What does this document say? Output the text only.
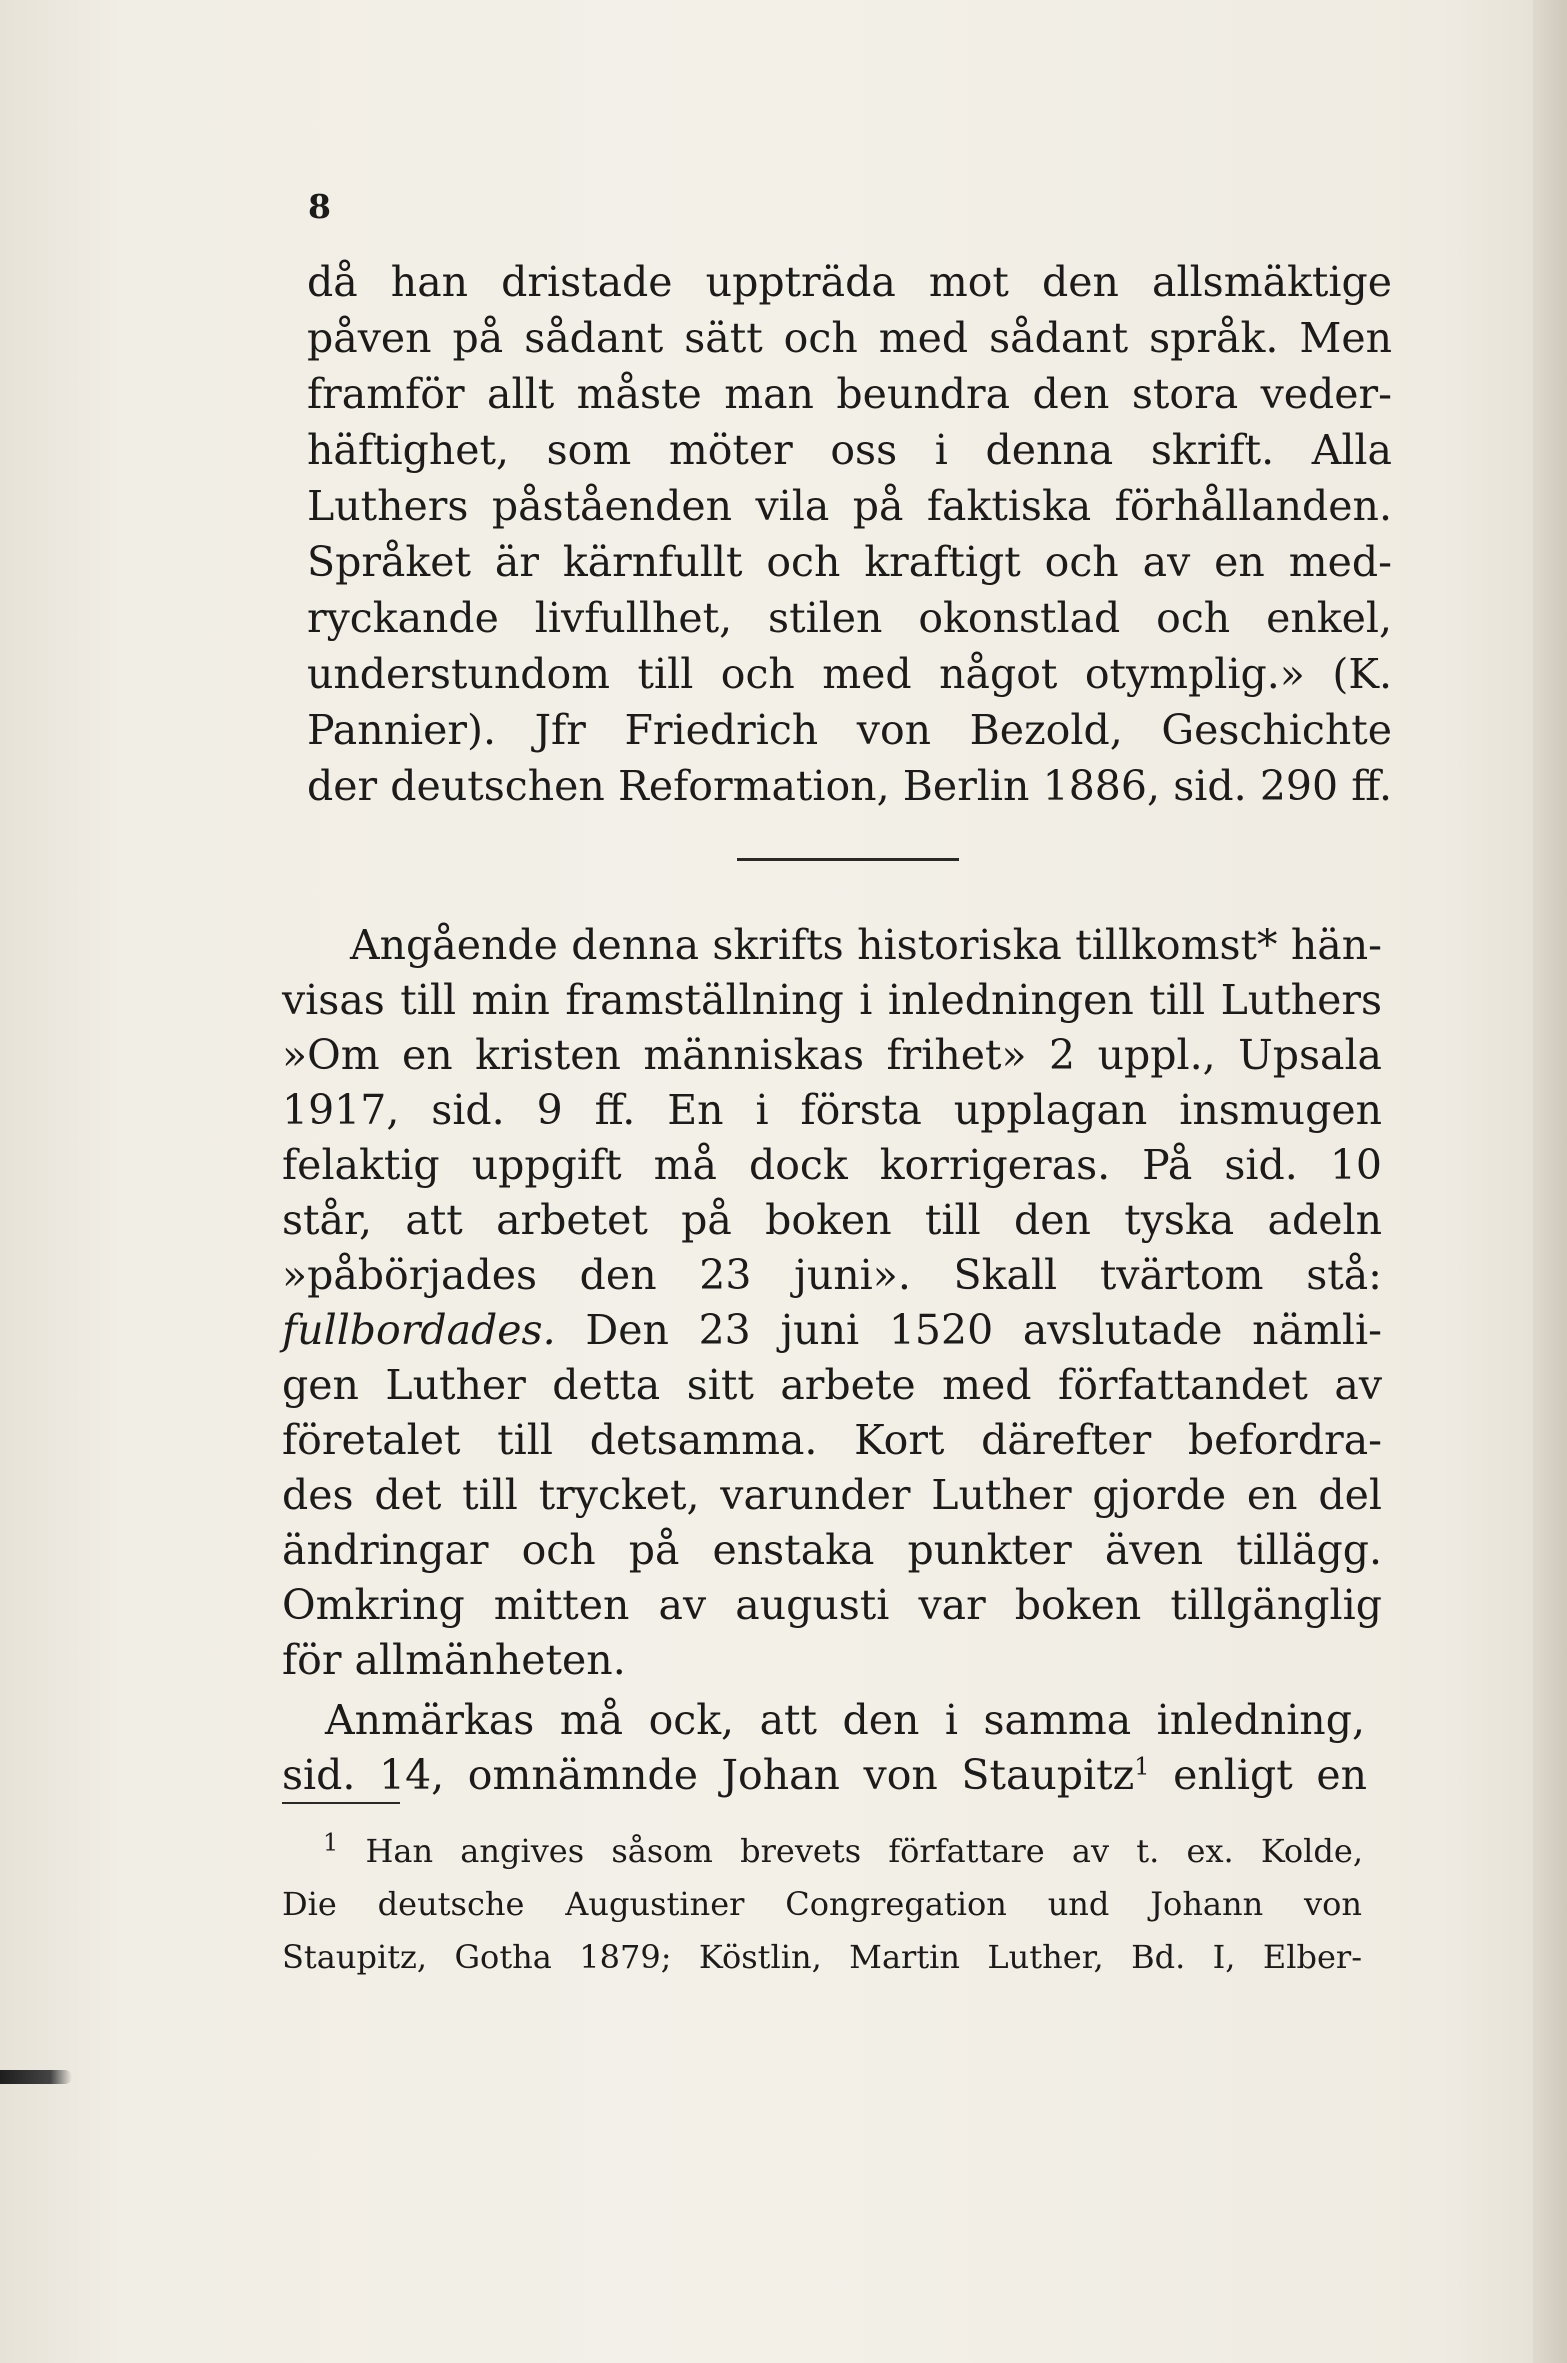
8

då han dristade uppträda mot den allsmäktige

påven på sådant sätt och med sådant språk. Men

framför allt måste man beundra den stora veder-

häftighet, som möter oss i denna skrift. Alla

Luthers påståenden vila på faktiska förhållanden.

Språket är kärnfullt och kraftigt och av en med-

ryckande livfullhet, stilen okonstlad och enkel,

understundom till och med något otymplig.» (K.

Pannier). Jfr Friedrich von Bezold, Geschichte

der deutschen Reformation, Berlin 1886, sid. 290 ff.

Angående denna skrifts historiska tillkomst* hän-

visas till min framställning i inledningen till Luthers

»Om en kristen människas frihet» 2 uppl., Upsala

1917, sid. 9 ff. En i första upplagan insmugen

felaktig uppgift må dock korrigeras. På sid. 10

står, att arbetet på boken till den tyska adeln

»påbörjades den 23 juni». Skall tvärtom stå:

fullbordades. Den 23 juni 1520 avslutade nämli-

gen Luther detta sitt arbete med författandet av

företalet till detsamma. Kort därefter befordra-

des det till trycket, varunder Luther gjorde en del

ändringar och på enstaka punkter även tillägg.

Omkring mitten av augusti var boken tillgänglig

för allmänheten.

Anmärkas må ock, att den i samma inledning,

sid. 14, omnämnde Johan von Staupitz$^1$ enligt en

$^1$ Han angives såsom brevets författare av t. ex. Kolde,

Die deutsche Augustiner Congregation und Johann von

Staupitz, Gotha 1879; Köstlin, Martin Luther, Bd. I, Elber-
